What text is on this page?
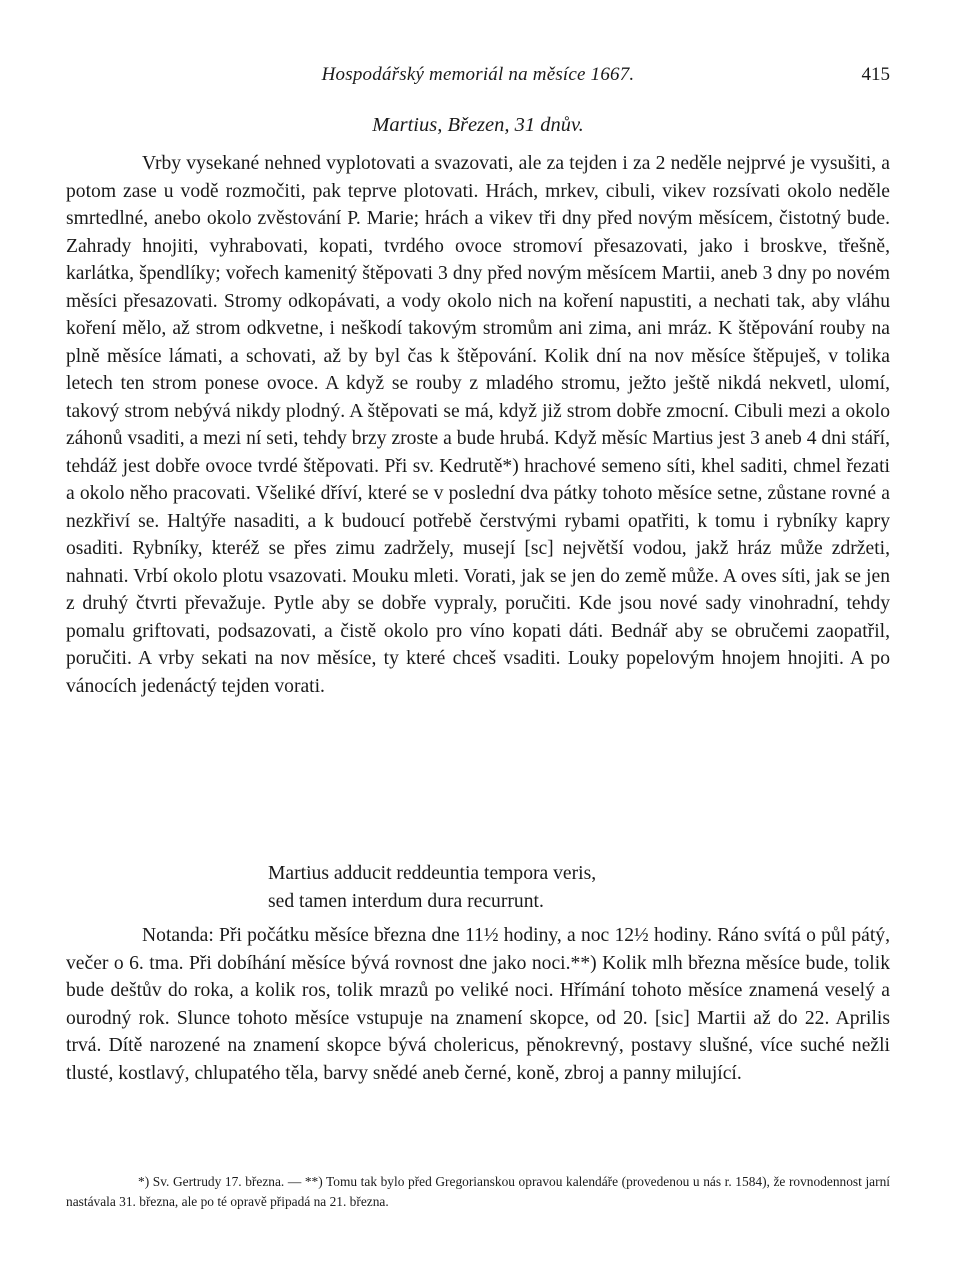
Hospodářský memoriál na měsíce 1667.	415
Martius, Březen, 31 dnův.

Vrby vysekané nehned vyplotovati a svazovati, ale za tejden i za 2 neděle nejprvé je vysušiti, a potom zase u vodě rozmočiti, pak teprve plotovati. Hrách, mrkev, cibuli, vikev rozsívati okolo neděle smrtedlné, anebo okolo zvěstování P. Marie; hrách a vikev tři dny před novým měsícem, čistotný bude. Zahrady hnojiti, vyhrabovati, kopati, tvrdého ovoce stromoví přesazovati, jako i broskve, třešně, karlátka, špendlíky; vořech kamenitý štěpovati 3 dny před novým měsícem Martii, aneb 3 dny po novém měsíci přesazovati. Stromy odkopávati, a vody okolo nich na koření napustiti, a nechati tak, aby vláhu koření mělo, až strom odkvetne, i neškodí takovým stromům ani zima, ani mráz. K štěpování rouby na plně měsíce lámati, a schovati, až by byl čas k štěpování. Kolik dní na nov měsíce štěpuješ, v tolika letech ten strom ponese ovoce. A když se rouby z mladého stromu, ježto ještě nikdá nekvetl, ulomí, takový strom nebývá nikdy plodný. A štěpovati se má, když již strom dobře zmocní. Cibuli mezi a okolo záhonů vsaditi, a mezi ní seti, tehdy brzy zroste a bude hrubá. Když měsíc Martius jest 3 aneb 4 dni stáří, tehdáž jest dobře ovoce tvrdé štěpovati. Při sv. Kedrutě*) hrachové semeno síti, khel saditi, chmel řezati a okolo něho pracovati. Všeliké dříví, které se v poslední dva pátky tohoto měsíce setne, zůstane rovné a nezkřiví se. Haltýře nasaditi, a k budoucí potřebě čerstvými rybami opatřiti, k tomu i rybníky kapry osaditi. Rybníky, kteréž se přes zimu zadržely, musejí [sc] největší vodou, jakž hráz může zdržeti, nahnati. Vrbí okolo plotu vsazovati. Mouku mleti. Vorati, jak se jen do země může. A oves síti, jak se jen z druhý čtvrti převažuje. Pytle aby se dobře vypraly, poručiti. Kde jsou nové sady vinohradní, tehdy pomalu griftovati, podsazovati, a čistě okolo pro víno kopati dáti. Bednář aby se obručemi zaopatřil, poručiti. A vrby sekati na nov měsíce, ty které chceš vsaditi. Louky popelovým hnojem hnojiti. A po vánocích jedenáctý tejden vorati.

Martius adducit reddeuntia tempora veris,
sed tamen interdum dura recurrunt.

Notanda: Při počátku měsíce března dne 11½ hodiny, a noc 12½ hodiny. Ráno svítá o půl pátý, večer o 6. tma. Při dobíhání měsíce bývá rovnost dne jako noci.**) Kolik mlh března měsíce bude, tolik bude deštův do roka, a kolik ros, tolik mrazů po veliké noci. Hřímání tohoto měsíce znamená veselý a ourodný rok. Slunce tohoto měsíce vstupuje na znamení skopce, od 20. [sic] Martii až do 22. Aprilis trvá. Dítě narozené na znamení skopce bývá cholericus, pěnokrevný, postavy slušné, více suché nežli tlusté, kostlavý, chlupatého těla, barvy snědé aneb černé, koně, zbroj a panny milující.

*) Sv. Gertrudy 17. března. — **) Tomu tak bylo před Gregorianskou opravou kalendáře (provedenou u nás r. 1584), že rovnodennost jarní nastávala 31. března, ale po té opravě připadá na 21. března.
